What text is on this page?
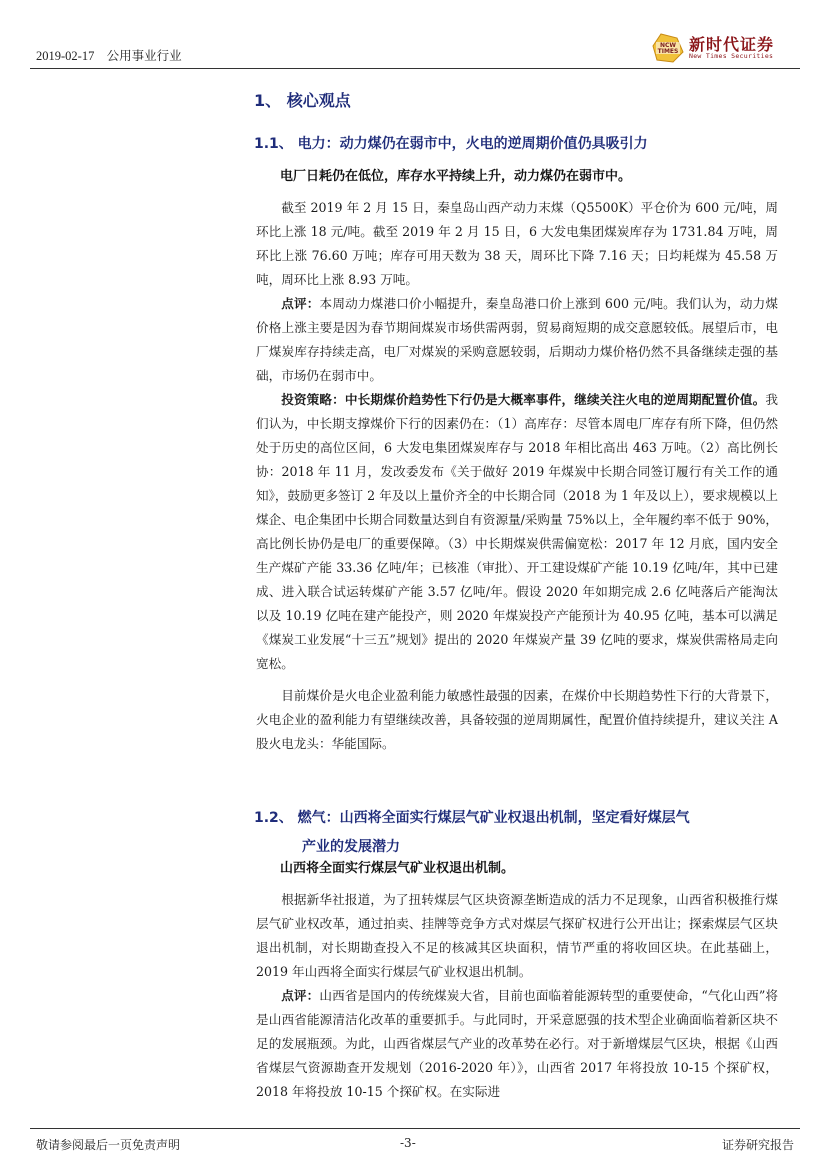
2019-02-17 公用事业行业
NCW TIMES 新时代证券
New Times Securities
1、 核心观点
1.1、 电力：动力煤仍在弱市中，火电的逆周期价值仍具吸引力
电厂日耗仍在低位，库存水平持续上升，动力煤仍在弱市中。
截至 2019 年 2 月 15 日，秦皇岛山西产动力末煤（Q5500K）平仓价为 600 元/吨，周环比上涨 18 元/吨。截至 2019 年 2 月 15 日，6 大发电集团煤炭库存为 1731.84 万吨，周环比上涨 76.60 万吨；库存可用天数为 38 天，周环比下降 7.16 天；日均耗煤为 45.58 万吨，周环比上涨 8.93 万吨。
点评：本周动力煤港口价小幅提升，秦皇岛港口价上涨到 600 元/吨。我们认为，动力煤价格上涨主要是因为春节期间煤炭市场供需两弱，贸易商短期的成交意愿较低。展望后市，电厂煤炭库存持续走高，电厂对煤炭的采购意愿较弱，后期动力煤价格仍然不具备继续走强的基础，市场仍在弱市中。
投资策略：中长期煤价趋势性下行仍是大概率事件，继续关注火电的逆周期配置价值。我们认为，中长期支撑煤价下行的因素仍在：（1）高库存：尽管本周电厂库存有所下降，但仍然处于历史的高位区间，6 大发电集团煤炭库存与 2018 年相比高出 463 万吨。（2）高比例长协：2018 年 11 月，发改委发布《关于做好 2019 年煤炭中长期合同签订履行有关工作的通知》，鼓励更多签订 2 年及以上量价齐全的中长期合同（2018 为 1 年及以上），要求规模以上煤企、电企集团中长期合同数量达到自有资源量/采购量 75%以上，全年履约率不低于 90%，高比例长协仍是电厂的重要保障。（3）中长期煤炭供需偏宽松：2017 年 12 月底，国内安全生产煤矿产能 33.36 亿吨/年；已核准（审批）、开工建设煤矿产能 10.19 亿吨/年，其中已建成、进入联合试运转煤矿产能 3.57 亿吨/年。假设 2020 年如期完成 2.6 亿吨落后产能淘汰以及 10.19 亿吨在建产能投产，则 2020 年煤炭投产产能预计为 40.95 亿吨，基本可以满足《煤炭工业发展“十三五”规划》提出的 2020 年煤炭产量 39 亿吨的要求，煤炭供需格局走向宽松。
目前煤价是火电企业盈利能力敏感性最强的因素，在煤价中长期趋势性下行的大背景下，火电企业的盈利能力有望继续改善，具备较强的逆周期属性，配置价值持续提升，建议关注 A 股火电龙头：华能国际。
1.2、 燃气：山西将全面实行煤层气矿业权退出机制，坚定看好煤层气
产业的发展潜力
山西将全面实行煤层气矿业权退出机制。
根据新华社报道，为了扭转煤层气区块资源垄断造成的活力不足现象，山西省积极推行煤层气矿业权改革，通过拍卖、挂牌等竞争方式对煤层气探矿权进行公开出让；探索煤层气区块退出机制，对长期勘查投入不足的核减其区块面积，情节严重的将收回区块。在此基础上，2019 年山西将全面实行煤层气矿业权退出机制。
点评：山西省是国内的传统煤炭大省，目前也面临着能源转型的重要使命，“气化山西”将是山西省能源清洁化改革的重要抓手。与此同时，开采意愿强的技术型企业确面临着新区块不足的发展瓶颈。为此，山西省煤层气产业的改革势在必行。对于新增煤层气区块，根据《山西省煤层气资源勘查开发规划（2016-2020 年）》，山西省 2017 年将投放 10-15 个探矿权，2018 年将投放 10-15 个探矿权。在实际进
敬请参阅最后一页免责声明	-3-	证券研究报告
